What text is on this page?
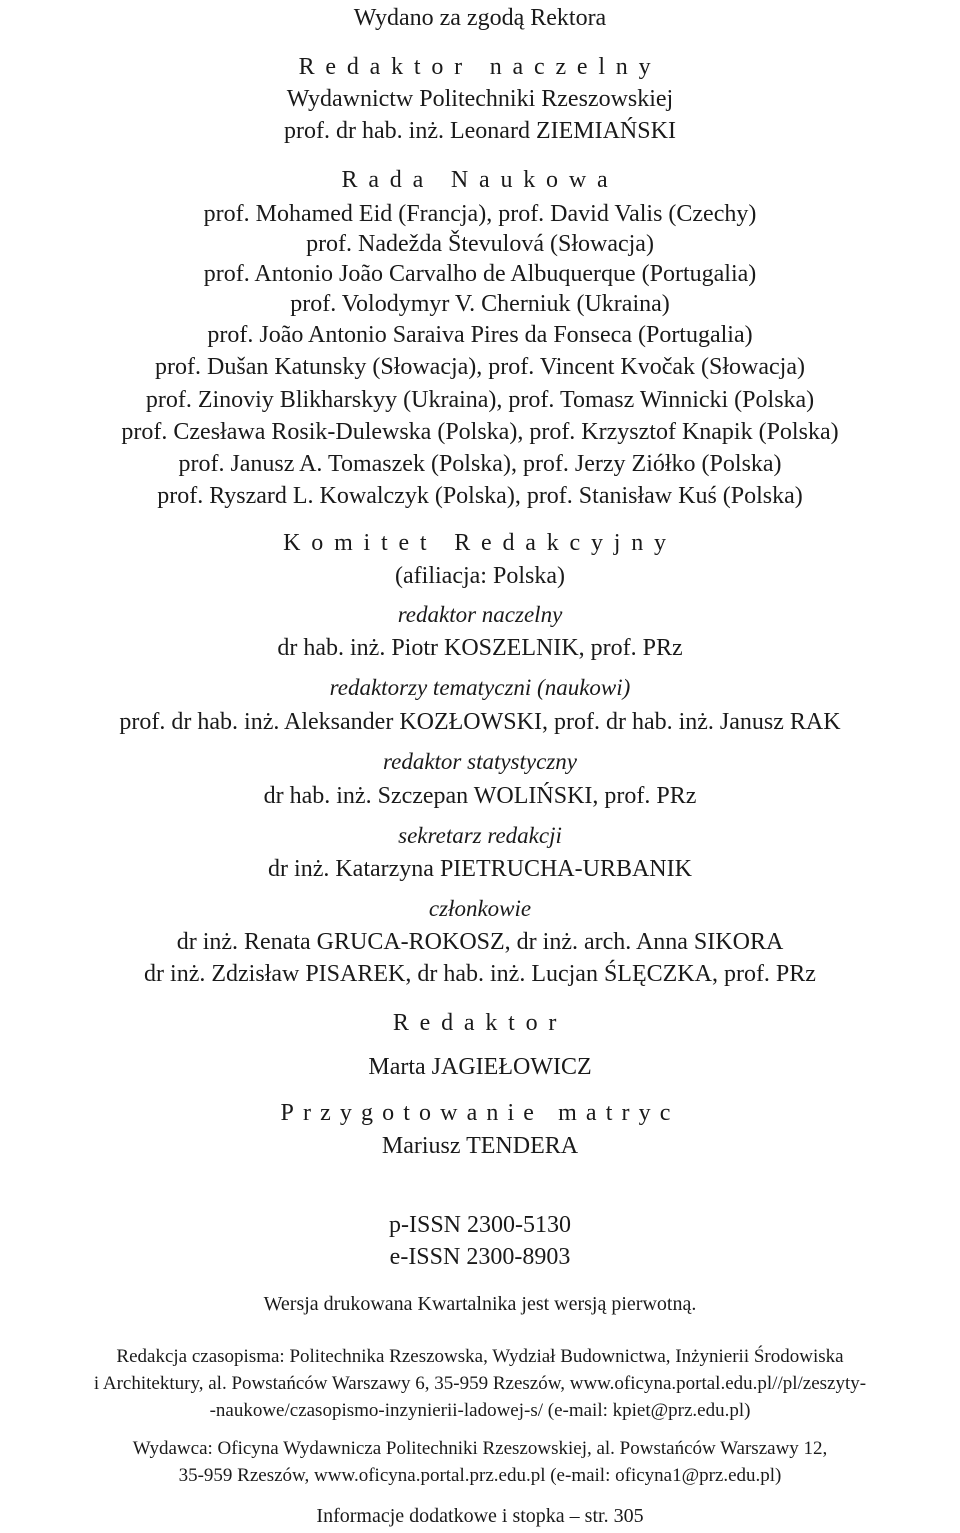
Wydano za zgodą Rektora
Redaktor naczelny
Wydawnictw Politechniki Rzeszowskiej
prof. dr hab. inż. Leonard ZIEMIAŃSKI
Rada Naukowa
prof. Mohamed Eid (Francja), prof. David Valis (Czechy)
prof. Nadežda Števulová (Słowacja)
prof. Antonio João Carvalho de Albuquerque (Portugalia)
prof. Volodymyr V. Cherniuk (Ukraina)
prof. João Antonio Saraiva Pires da Fonseca (Portugalia)
prof. Dušan Katunsky (Słowacja), prof. Vincent Kvočak (Słowacja)
prof. Zinoviy Blikharskyy (Ukraina), prof. Tomasz Winnicki (Polska)
prof. Czesława Rosik-Dulewska (Polska), prof. Krzysztof Knapik (Polska)
prof. Janusz A. Tomaszek (Polska), prof. Jerzy Ziółko (Polska)
prof. Ryszard L. Kowalczyk (Polska), prof. Stanisław Kuś (Polska)
Komitet Redakcyjny
(afiliacja: Polska)
redaktor naczelny
dr hab. inż. Piotr KOSZELNIK, prof. PRz
redaktorzy tematyczni (naukowi)
prof. dr hab. inż. Aleksander KOZŁOWSKI, prof. dr hab. inż. Janusz RAK
redaktor statystyczny
dr hab. inż. Szczepan WOLIŃSKI, prof. PRz
sekretarz redakcji
dr inż. Katarzyna PIETRUCHA-URBANIK
członkowie
dr inż. Renata GRUCA-ROKOSZ, dr inż. arch. Anna SIKORA
dr inż. Zdzisław PISAREK, dr hab. inż. Lucjan ŚLĘCZKA, prof. PRz
Redaktor
Marta JAGIEŁOWICZ
Przygotowanie matryc
Mariusz TENDERA
p-ISSN 2300-5130
e-ISSN 2300-8903
Wersja drukowana Kwartalnika jest wersją pierwotną.
Redakcja czasopisma: Politechnika Rzeszowska, Wydział Budownictwa, Inżynierii Środowiska
i Architektury, al. Powstańców Warszawy 6, 35-959 Rzeszów, www.oficyna.portal.edu.pl//pl/zeszyty-
-naukowe/czasopismo-inzynierii-ladowej-s/ (e-mail: kpiet@prz.edu.pl)
Wydawca: Oficyna Wydawnicza Politechniki Rzeszowskiej, al. Powstańców Warszawy 12,
35-959 Rzeszów, www.oficyna.portal.prz.edu.pl (e-mail: oficyna1@prz.edu.pl)
Informacje dodatkowe i stopka – str. 305
